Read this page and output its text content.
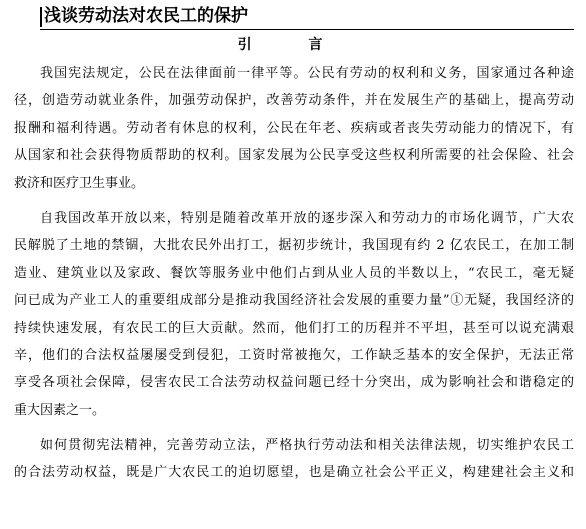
浅谈劳动法对农民工的保护
引 言
我国宪法规定，公民在法律面前一律平等。公民有劳动的权利和义务，国家通过各种途
径，创造劳动就业条件，加强劳动保护，改善劳动条件，并在发展生产的基础上，提高劳动
报酬和福利待遇。劳动者有休息的权利，公民在年老、疾病或者丧失劳动能力的情况下，有
从国家和社会获得物质帮助的权利。国家发展为公民享受这些权利所需要的社会保险、社会
救济和医疗卫生事业。
自我国改革开放以来，特别是随着改革开放的逐步深入和劳动力的市场化调节，广大农
民解脱了土地的禁锢，大批农民外出打工，据初步统计，我国现有约 2 亿农民工，在加工制
造业、建筑业以及家政、餐饮等服务业中他们占到从业人员的半数以上，“农民工，毫无疑
问已成为产业工人的重要组成部分是推动我国经济社会发展的重要力量”①无疑，我国经济的
持续快速发展，有农民工的巨大贡献。然而，他们打工的历程并不平坦，甚至可以说充满艰
辛，他们的合法权益屡屡受到侵犯，工资时常被拖欠，工作缺乏基本的安全保护，无法正常
享受各项社会保障，侵害农民工合法劳动权益问题已经十分突出，成为影响社会和谐稳定的
重大因素之一。
如何贯彻宪法精神，完善劳动立法，严格执行劳动法和相关法律法规，切实维护农民工
的合法劳动权益，既是广大农民工的迫切愿望，也是确立社会公平正义，构建建社会主义和
